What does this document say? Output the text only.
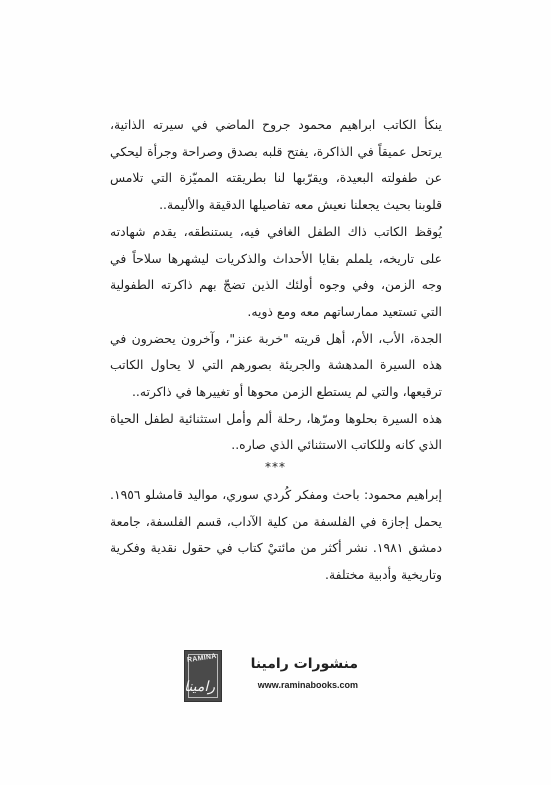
ينكأ الكاتب ابراهيم محمود جروح الماضي في سيرته الذاتية، يرتحل عميقاً في الذاكرة، يفتح قلبه بصدق وصراحة وجرأة ليحكي عن طفولته البعيدة، ويقرّبها لنا بطريقته المميّزة التي تلامس قلوبنا بحيث يجعلنا نعيش معه تفاصيلها الدقيقة والأليمة..

يُوقظ الكاتب ذاك الطفل الغافي فيه، يستنطقه، يقدم شهادته على تاريخه، يلملم بقايا الأحداث والذكريات ليشهرها سلاحاً في وجه الزمن، وفي وجوه أولئك الذين تضجّ بهم ذاكرته الطفولية التي تستعيد ممارساتهم معه ومع ذويه.

الجدة، الأب، الأم، أهل قريته "خربة عنز"، وآخرون يحضرون في هذه السيرة المدهشة والجريئة بصورهم التي لا يحاول الكاتب ترقيعها، والتي لم يستطع الزمن محوها أو تغييرها في ذاكرته..

هذه السيرة بحلوها ومرّها، رحلة ألم وأمل استثنائية لطفل الحياة الذي كانه وللكاتب الاستثنائي الذي صاره..

***

إبراهيم محمود: باحث ومفكر كُردي سوري، مواليد قامشلو ١٩٥٦. يحمل إجازة في الفلسفة من كلية الآداب، قسم الفلسفة، جامعة دمشق ١٩٨١. نشر أكثر من مائتيْ كتاب في حقول نقدية وفكرية وتاريخية وأدبية مختلفة.

RAMINA
رامينا
منشورات رامينا
www.raminabooks.com
